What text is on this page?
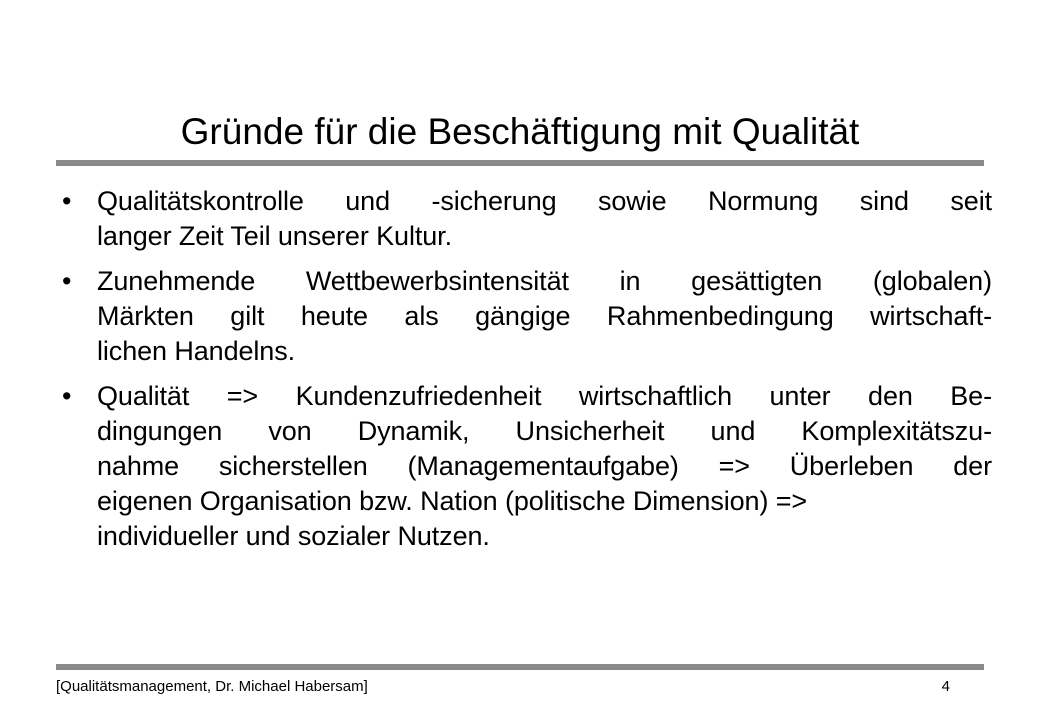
Gründe für die Beschäftigung mit Qualität
• Qualitätskontrolle und -sicherung sowie Normung sind seit
langer Zeit Teil unserer Kultur.
• Zunehmende Wettbewerbsintensität in gesättigten (globalen)
Märkten gilt heute als gängige Rahmenbedingung wirtschaft-
lichen Handelns.
• Qualität => Kundenzufriedenheit wirtschaftlich unter den Be-
dingungen von Dynamik, Unsicherheit und Komplexitätszu-
nahme sicherstellen (Managementaufgabe) => Überleben der
eigenen Organisation bzw. Nation (politische Dimension) =>
individueller und sozialer Nutzen.
[Qualitätsmanagement, Dr. Michael Habersam]	4
